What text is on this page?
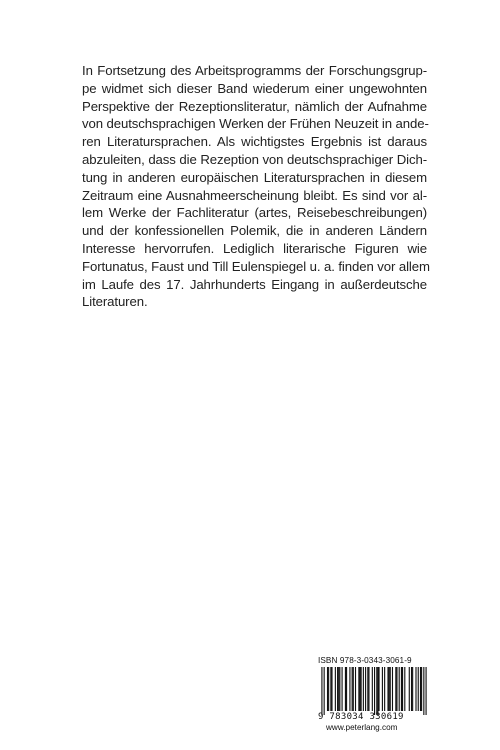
In Fortsetzung des Arbeitsprogramms der Forschungsgrup-
pe widmet sich dieser Band wiederum einer ungewohnten
Perspektive der Rezeptionsliteratur, nämlich der Aufnahme
von deutschsprachigen Werken der Frühen Neuzeit in ande-
ren Literatursprachen. Als wichtigstes Ergebnis ist daraus
abzuleiten, dass die Rezeption von deutschsprachiger Dich-
tung in anderen europäischen Literatursprachen in diesem
Zeitraum eine Ausnahmeerscheinung bleibt. Es sind vor al-
lem Werke der Fachliteratur (artes, Reisebeschreibungen)
und der konfessionellen Polemik, die in anderen Ländern
Interesse hervorrufen. Lediglich literarische Figuren wie
Fortunatus, Faust und Till Eulenspiegel u. a. finden vor allem
im Laufe des 17. Jahrhunderts Eingang in außerdeutsche
Literaturen.
ISBN 978-3-0343-3061-9
9 783034 330619
www.peterlang.com
